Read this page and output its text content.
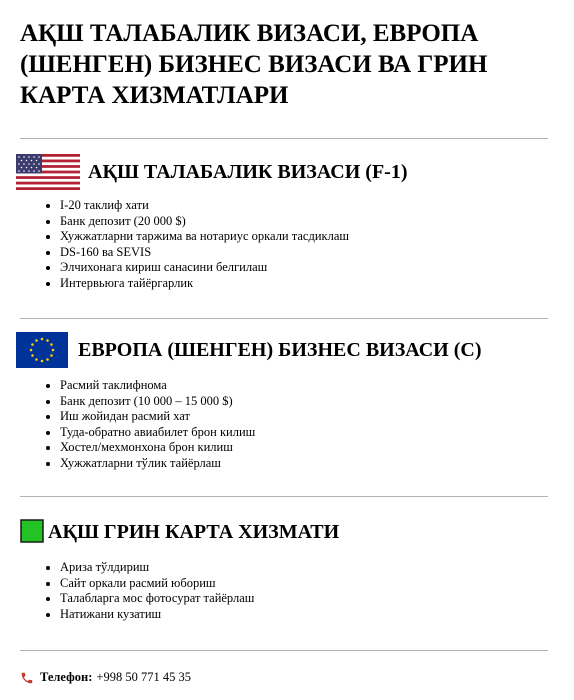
АҚШ ТАЛАБАЛИК ВИЗАСИ, ЕВРОПА (ШЕНГЕН) БИЗНЕС ВИЗАСИ ВА ГРИН КАРТА ХИЗМАТЛАРИ
АҚШ ТАЛАБАЛИК ВИЗАСИ (F-1)
• I-20 таклиф хати
• Банк депозит (20 000 $)
• Хужжатларни таржима ва нотариус оркали тасдиклаш
• DS-160 ва SEVIS
• Элчихонага кириш санасини белгилаш
• Интервьюга тайёргарлик
ЕВРОПА (ШЕНГЕН) БИЗНЕС ВИЗАСИ (С)
• Расмий таклифнома
• Банк депозит (10 000 – 15 000 $)
• Иш жойидан расмий хат
• Туда-обратно авиабилет брон килиш
• Хостел/мехмонхона брон килиш
• Хужжатларни тўлик тайёрлаш
АҚШ ГРИН КАРТА ХИЗМАТИ
• Ариза тўлдириш
• Сайт оркали расмий юбориш
• Талабларга мос фотосурат тайёрлаш
• Натижани кузатиш
Телефон: +998 50 771 45 35
